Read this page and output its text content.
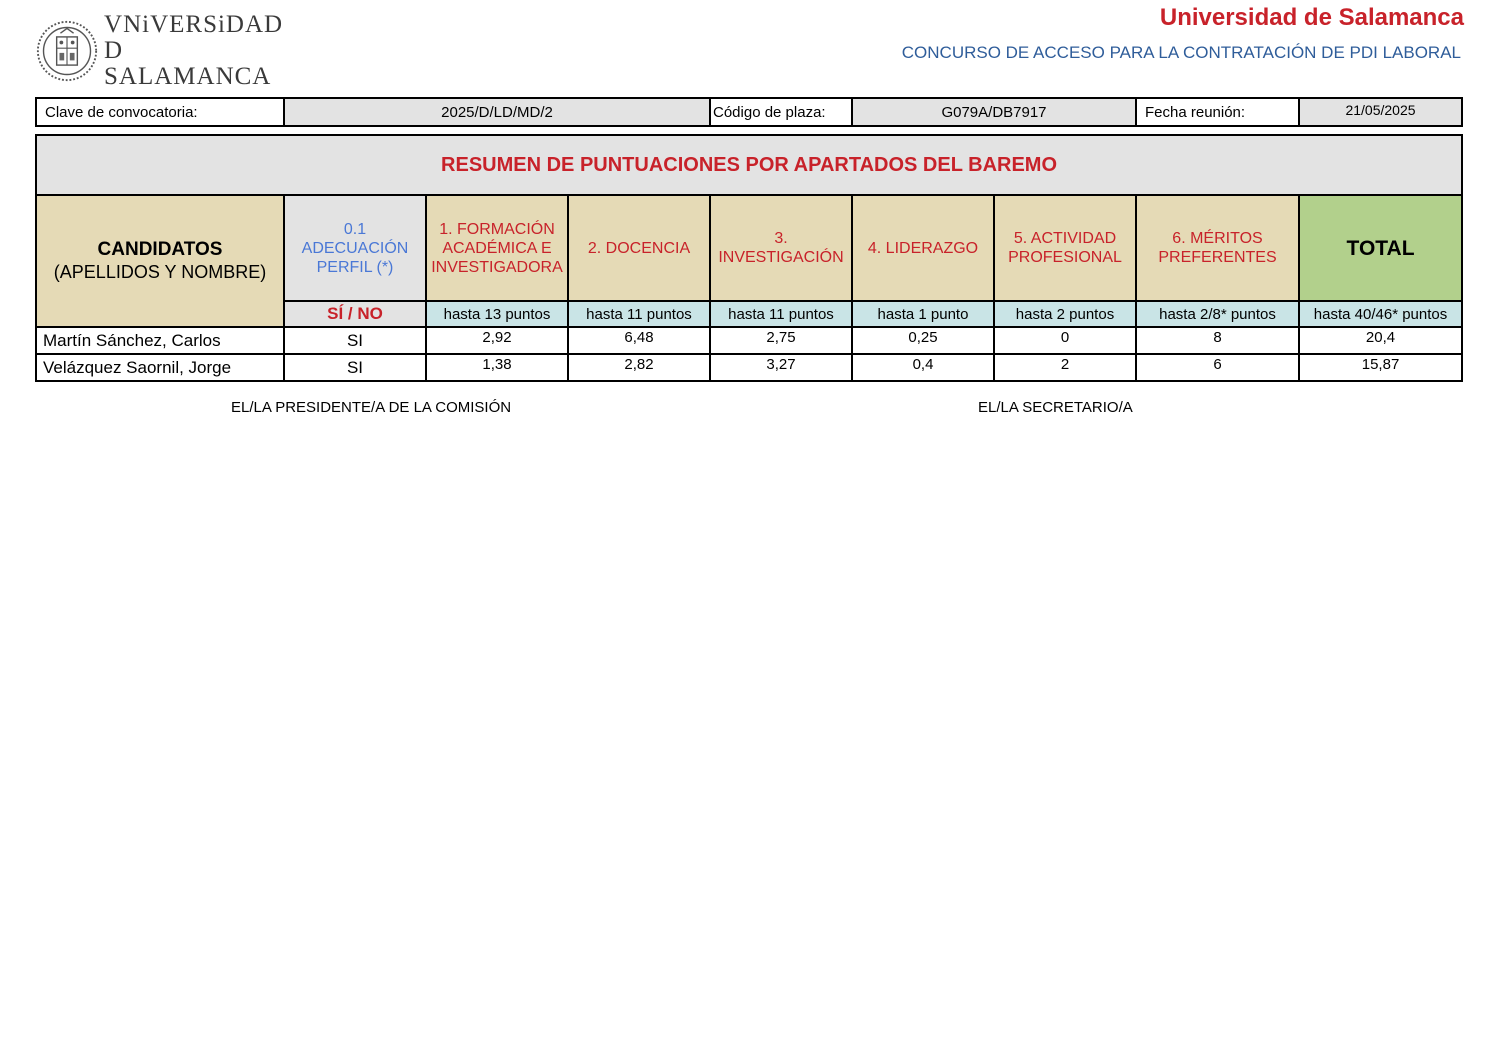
VNiVERSiDAD
D SALAMANCA
Universidad de Salamanca
CONCURSO DE ACCESO PARA LA CONTRATACIÓN DE PDI LABORAL
Clave de convocatoria:	2025/D/LD/MD/2	Código de plaza:	G079A/DB7917	Fecha reunión:	21/05/2025
RESUMEN DE PUNTUACIONES POR APARTADOS DEL BAREMO								
CANDIDATOS
(APELLIDOS Y NOMBRE)	0.1 ADECUACIÓN PERFIL (*)	1. FORMACIÓN ACADÉMICA E INVESTIGADORA	2. DOCENCIA	3. INVESTIGACIÓN	4. LIDERAZGO	5. ACTIVIDAD PROFESIONAL	6. MÉRITOS PREFERENTES	TOTAL
	SÍ / NO	hasta 13 puntos	hasta 11 puntos	hasta 11 puntos	hasta 1 punto	hasta 2 puntos	hasta 2/8* puntos	hasta 40/46* puntos
Martín Sánchez, Carlos	SI	2,92	6,48	2,75	0,25	0	8	20,4
Velázquez Saornil, Jorge	SI	1,38	2,82	3,27	0,4	2	6	15,87
EL/LA PRESIDENTE/A DE LA COMISIÓN	EL/LA SECRETARIO/A
